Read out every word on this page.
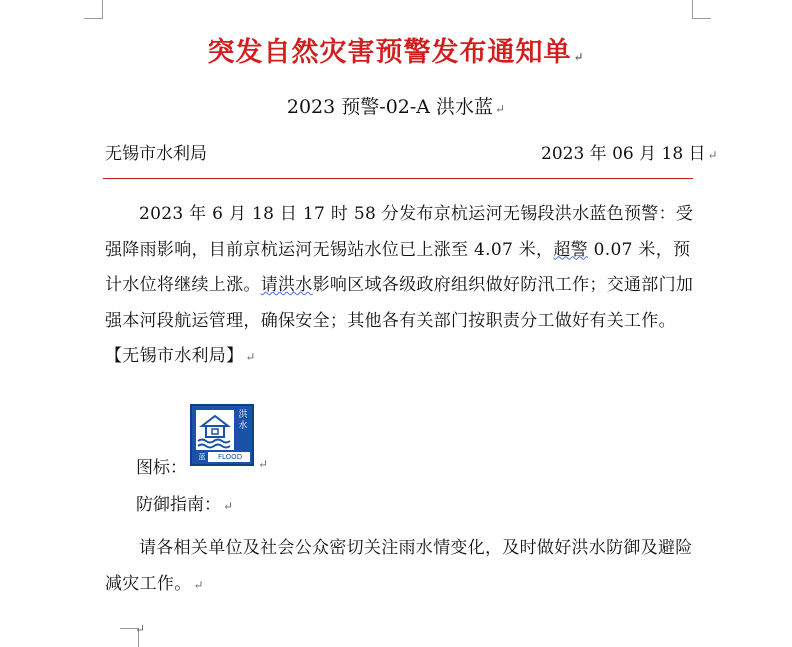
突发自然灾害预警发布通知单 ↵
2023 预警-02-A 洪水蓝 ↵
无锡市水利局	2023 年 06 月 18 日 ↵
2023 年 6 月 18 日 17 时 58 分发布京杭运河无锡段洪水蓝色预警：受强降雨影响，目前京杭运河无锡站水位已上涨至 4.07 米，超警 0.07 米，预计水位将继续上涨。请洪水影响区域各级政府组织做好防汛工作；交通部门加强本河段航运管理，确保安全；其他各有关部门按职责分工做好有关工作。【无锡市水利局】 ↵
图标：
洪水
蓝 FLOOD	↵
防御指南： ↵
请各相关单位及社会公众密切关注雨水情变化，及时做好洪水防御及避险减灾工作。 ↵
↵
